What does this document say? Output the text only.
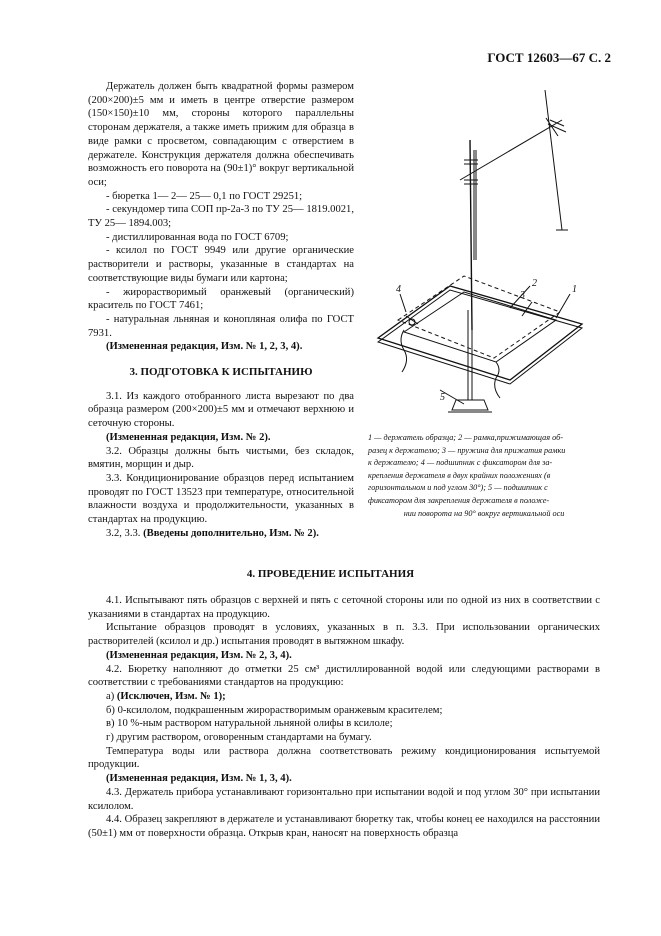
ГОСТ 12603—67 С. 2

Держатель должен быть квадратной формы размером (200×200)±5 мм и иметь в центре отверстие размером (150×150)±10 мм, стороны которого параллельны сторонам держателя, а также иметь прижим для образца в виде рамки с просветом, совпадающим с отверстием в держателе. Конструкция держателя должна обеспечивать возможность его поворота на (90±1)° вокруг вертикальной оси;

- бюретка 1— 2— 25— 0,1 по ГОСТ 29251;

- секундомер типа СОП пр-2а-3 по ТУ 25— 1819.0021, ТУ 25— 1894.003;

- дистиллированная вода по ГОСТ 6709;

- ксилол по ГОСТ 9949 или другие органические растворители и растворы, указанные в стандартах на соответствующие виды бумаги или картона;

- жирорастворимый оранжевый (органический) краситель по ГОСТ 7461;

- натуральная льняная и конопляная олифа по ГОСТ 7931.

(Измененная редакция, Изм. № 1, 2, 3, 4).

3. ПОДГОТОВКА К ИСПЫТАНИЮ

3.1. Из каждого отобранного листа вырезают по два образца размером (200×200)±5 мм и отмечают верхнюю и сеточную стороны.

(Измененная редакция, Изм. № 2).

3.2. Образцы должны быть чистыми, без складок, вмятин, морщин и дыр.

3.3. Кондиционирование образцов перед испытанием проводят по ГОСТ 13523 при температуре, относительной влажности воздуха и продолжительности, указанных в стандартах на продукцию.

3.2, 3.3. (Введены дополнительно, Изм. № 2).

1
2
3
4
5
1 — держатель образца; 2 — рамка,прижимающая об-
разец к держателю; 3 — пружина для прижатия рамки
к держателю; 4 — подшипник с фиксатором для за-
крепления держателя в двух крайних положениях (в
горизонтальном и под углом 30°); 5 — подшипник с
фиксатором для закрепления держателя в положе-
нии поворота на 90° вокруг вертикальной оси
4. ПРОВЕДЕНИЕ ИСПЫТАНИЯ

4.1. Испытывают пять образцов с верхней и пять с сеточной стороны или по одной из них в соответствии с указаниями в стандартах на продукцию.

Испытание образцов проводят в условиях, указанных в п. 3.3. При использовании органических растворителей (ксилол и др.) испытания проводят в вытяжном шкафу.

(Измененная редакция, Изм. № 2, 3, 4).

4.2. Бюретку наполняют до отметки 25 см³ дистиллированной водой или следующими растворами в соответствии с требованиями стандартов на продукцию:

а) (Исключен, Изм. № 1);

б) 0-ксилолом, подкрашенным жирорастворимым оранжевым красителем;

в) 10 %-ным раствором натуральной льняной олифы в ксилоле;

г) другим раствором, оговоренным стандартами на бумагу.

Температура воды или раствора должна соответствовать режиму кондиционирования испытуемой продукции.

(Измененная редакция, Изм. № 1, 3, 4).

4.3. Держатель прибора устанавливают горизонтально при испытании водой и под углом 30° при испытании ксилолом.

4.4. Образец закрепляют в держателе и устанавливают бюретку так, чтобы конец ее находился на расстоянии (50±1) мм от поверхности образца. Открыв кран, наносят на поверхность образца
